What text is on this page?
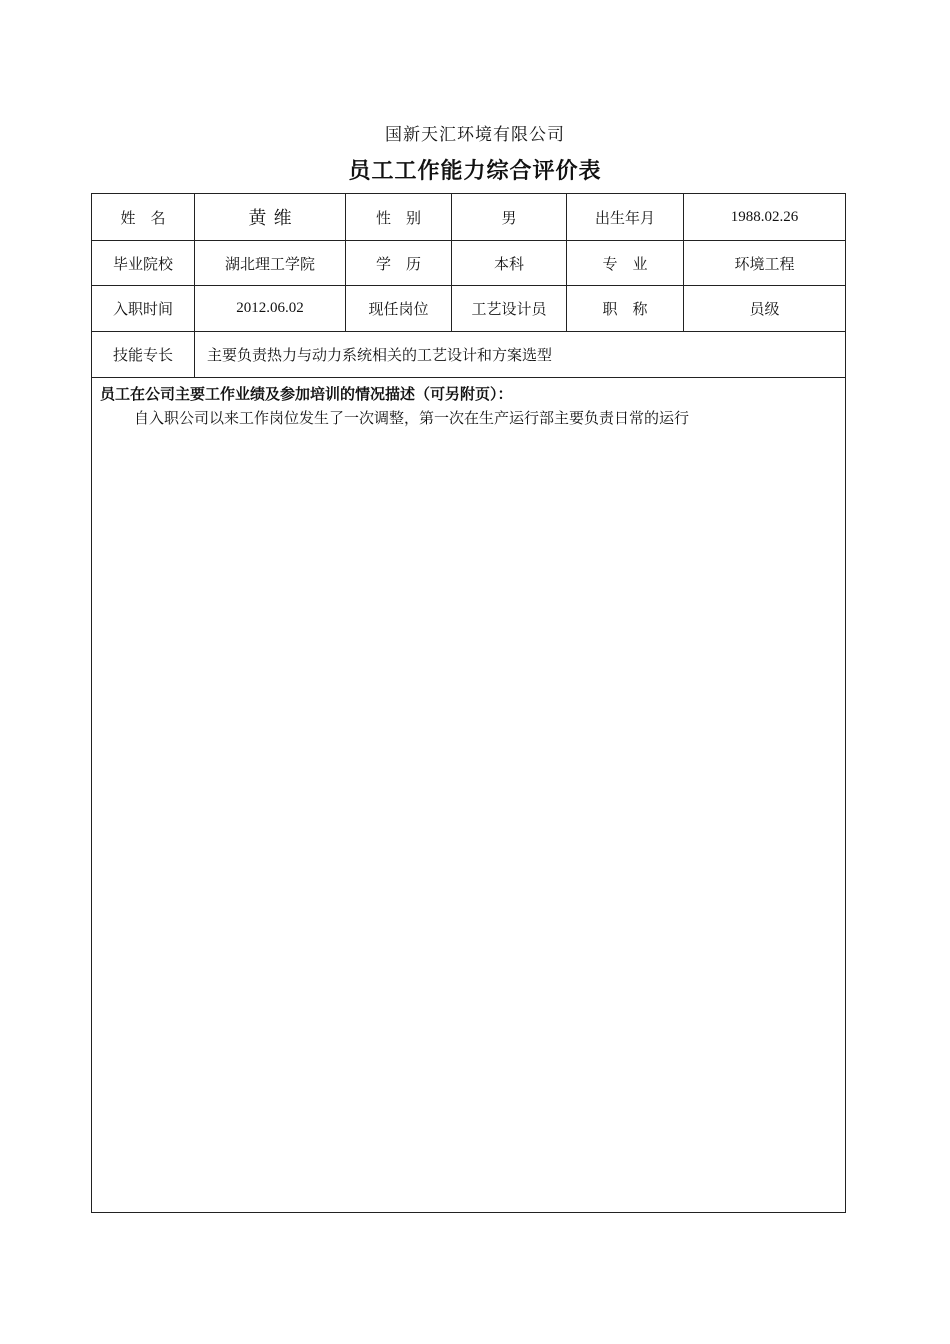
国新天汇环境有限公司
员工工作能力综合评价表
姓　名	黄维	性　别	男	出生年月	1988.02.26
毕业院校	湖北理工学院	学　历	本科	专　业	环境工程
入职时间	2012.06.02	现任岗位	工艺设计员	职　称	员级
技能专长	主要负责热力与动力系统相关的工艺设计和方案选型
员工在公司主要工作业绩及参加培训的情况描述（可另附页）：
自入职公司以来工作岗位发生了一次调整，第一次在生产运行部主要负责日常的运行
